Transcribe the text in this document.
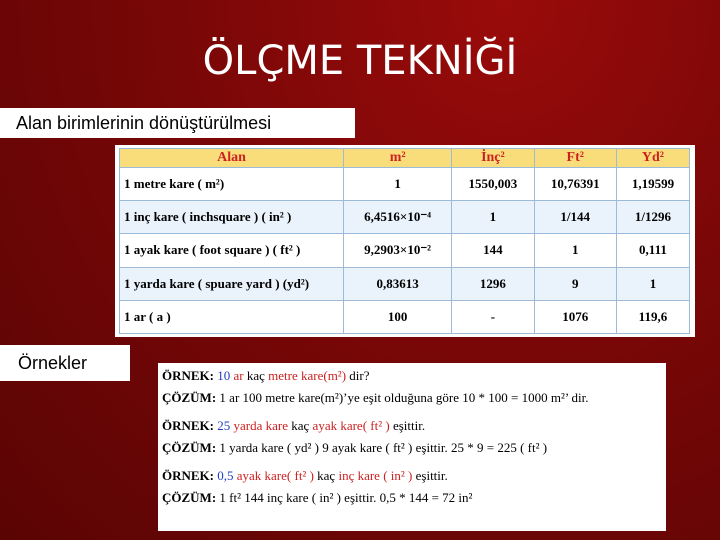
ÖLÇME TEKNİĞİ
Alan birimlerinin dönüştürülmesi
Alan	m²	İnç²	Ft²	Yd²
1 metre kare ( m²)	1	1550,003	10,76391	1,19599
1 inç kare ( inchsquare ) ( in² )	6,4516×10⁻⁴	1	1/144	1/1296
1 ayak kare ( foot square ) ( ft² )	9,2903×10⁻²	144	1	0,111
1 yarda kare ( spuare yard ) (yd²)	0,83613	1296	9	1
1 ar ( a )	100	-	1076	119,6
Örnekler
ÖRNEK: 10 ar kaç metre kare(m²) dir?
ÇÖZÜM: 1 ar 100 metre kare(m²)’ye eşit olduğuna göre 10 * 100 = 1000 m²’ dir.
ÖRNEK: 25 yarda kare kaç ayak kare( ft² ) eşittir.
ÇÖZÜM: 1 yarda kare ( yd² ) 9 ayak kare ( ft² ) eşittir. 25 * 9 = 225 ( ft² )
ÖRNEK: 0,5 ayak kare( ft² ) kaç inç kare ( in² ) eşittir.
ÇÖZÜM: 1 ft² 144 inç kare ( in² ) eşittir. 0,5 * 144 = 72 in²
